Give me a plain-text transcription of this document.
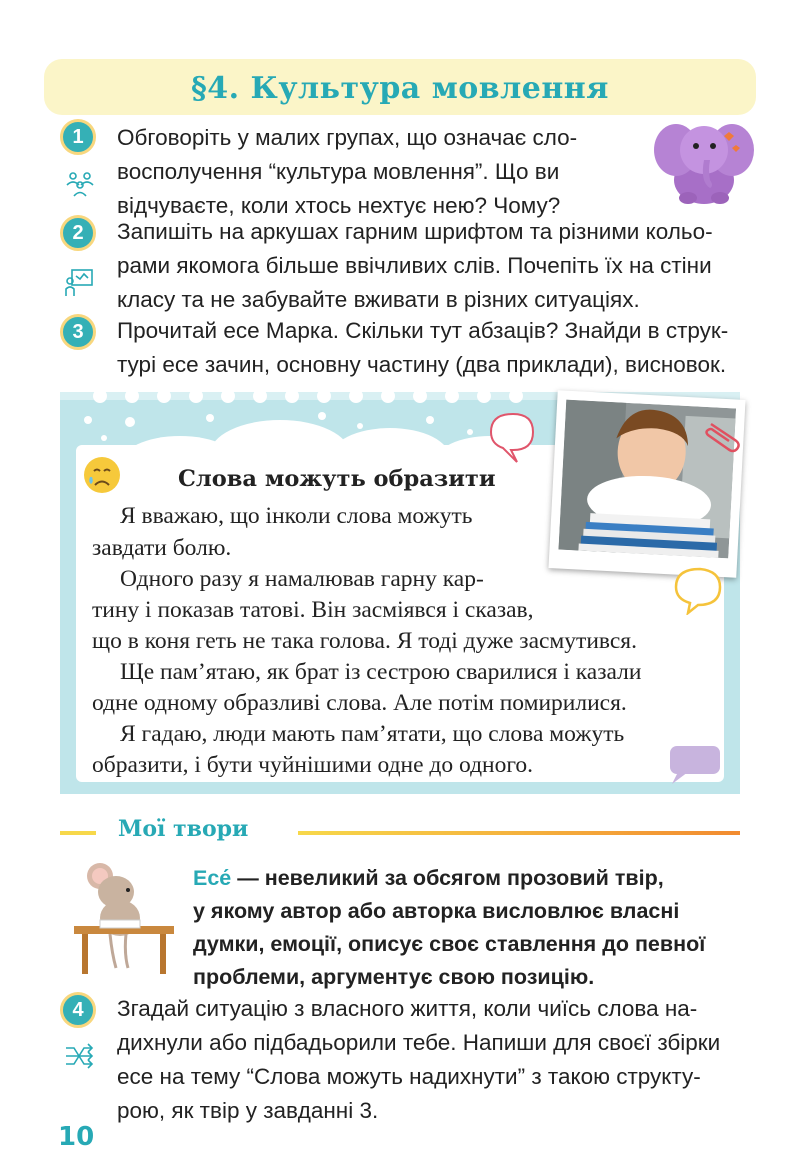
§4. Культура мовлення
1	Обговоріть у малих групах, що означає сло-
восполучення “культура мовлення”. Що ви
відчуваєте, коли хтось нехтує нею? Чому?
2	Запишіть на аркушах гарним шрифтом та різними кольо-
рами якомога більше ввічливих слів. Почепіть їх на стіни
класу та не забувайте вживати в різних ситуаціях.
3	Прочитай есе Марка. Скільки тут абзаців? Знайди в струк-
турі есе зачин, основну частину (два приклади), висновок.
Слова можуть образити
Я вважаю, що інколи слова можуть
завдати болю.
Одного разу я намалював гарну кар-
тину і показав татові. Він засміявся і сказав,
що в коня геть не така голова. Я тоді дуже засмутився.
Ще пам’ятаю, як брат із сестрою сварилися і казали
одне одному образливі слова. Але потім помирилися.
Я гадаю, люди мають пам’ятати, що слова можуть
образити, і бути чуйнішими одне до одного.
Мої твори
Есе́ — невеликий за обсягом прозовий твір,
у якому автор або авторка висловлює власні
думки, емоції, описує своє ставлення до певної
проблеми, аргументує свою позицію.
4	Згадай ситуацію з власного життя, коли чиїсь слова на-
дихнули або підбадьорили тебе. Напиши для своєї збірки
есе на тему “Слова можуть надихнути” з такою структу-
рою, як твір у завданні 3.
10
